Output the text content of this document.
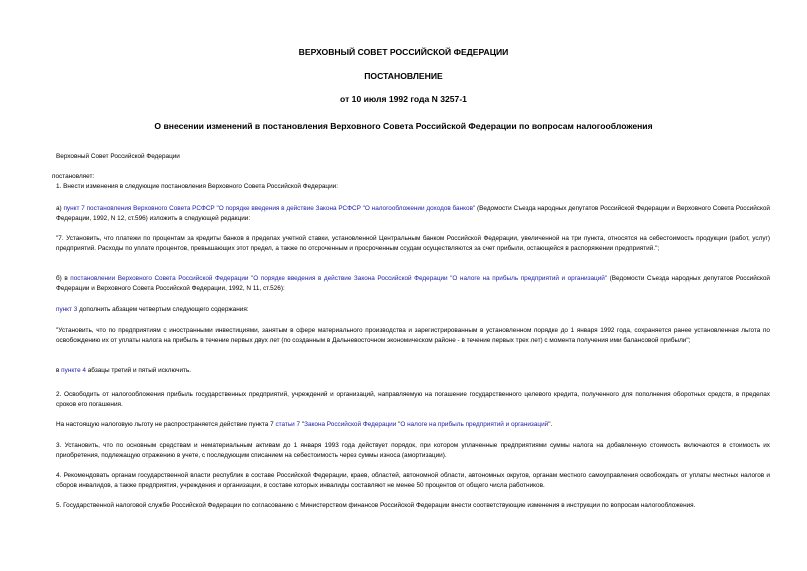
ВЕРХОВНЫЙ СОВЕТ РОССИЙСКОЙ ФЕДЕРАЦИИ
ПОСТАНОВЛЕНИЕ
от 10 июля 1992 года N 3257-1
О внесении изменений в постановления Верховного Совета Российской Федерации по вопросам налогообложения

Верховный Совет Российской Федерации

постановляет:

1. Внести изменения в следующие постановления Верховного Совета Российской Федерации:

а) пункт 7 постановления Верховного Совета РСФСР "О порядке введения в действие Закона РСФСР "О налогообложении доходов банков" (Ведомости Съезда народных депутатов Российской Федерации и Верховного Совета Российской Федерации, 1992, N 12, ст.596) изложить в следующей редакции:

"7. Установить, что платежи по процентам за кредиты банков в пределах учетной ставки, установленной Центральным банком Российской Федерации, увеличенной на три пункта, относятся на себестоимость продукции (работ, услуг) предприятий. Расходы по уплате процентов, превышающих этот предел, а также по отсроченным и просроченным ссудам осуществляются за счет прибыли, остающейся в распоряжении предприятий.";

б) в постановлении Верховного Совета Российской Федерации "О порядке введения в действие Закона Российской Федерации "О налоге на прибыль предприятий и организаций" (Ведомости Съезда народных депутатов Российской Федерации и Верховного Совета Российской Федерации, 1992, N 11, ст.526):

пункт 3 дополнить абзацем четвертым следующего содержания:

"Установить, что по предприятиям с иностранными инвестициями, занятым в сфере материального производства и зарегистрированным в установленном порядке до 1 января 1992 года, сохраняется ранее установленная льгота по освобождению их от уплаты налога на прибыль в течение первых двух лет (по созданным в Дальневосточном экономическом районе - в течение первых трех лет) с момента получения ими балансовой прибыли";

в пункте 4 абзацы третий и пятый исключить.

2. Освободить от налогообложения прибыль государственных предприятий, учреждений и организаций, направляемую на погашение государственного целевого кредита, полученного для пополнения оборотных средств, в пределах сроков его погашения.

На настоящую налоговую льготу не распространяется действие пункта 7 статьи 7 "Закона Российской Федерации "О налоге на прибыль предприятий и организаций".

3. Установить, что по основным средствам и нематериальным активам до 1 января 1993 года действует порядок, при котором уплаченные предприятиями суммы налога на добавленную стоимость включаются в стоимость их приобретения, подлежащую отражению в учете, с последующим списанием на себестоимость через суммы износа (амортизации).

4. Рекомендовать органам государственной власти республик в составе Российской Федерации, краев, областей, автономной области, автономных округов, органам местного самоуправления освобождать от уплаты местных налогов и сборов инвалидов, а также предприятия, учреждения и организации, в составе которых инвалиды составляют не менее 50 процентов от общего числа работников.

5. Государственной налоговой службе Российской Федерации по согласованию с Министерством финансов Российской Федерации внести соответствующие изменения в инструкции по вопросам налогообложения.
